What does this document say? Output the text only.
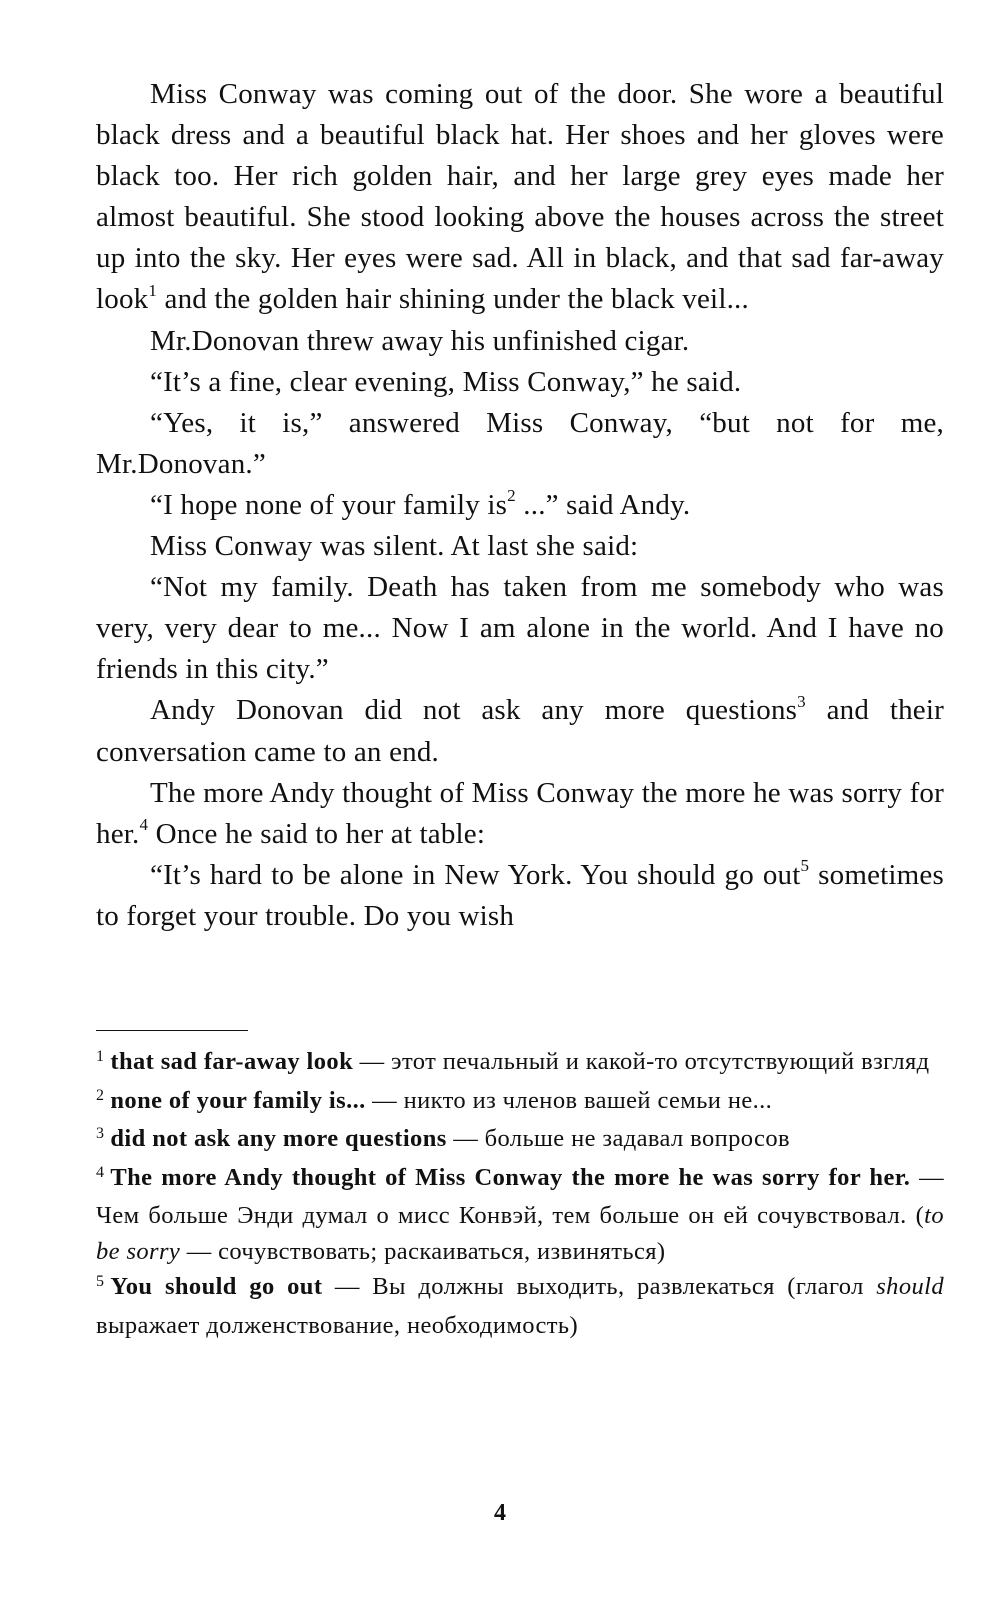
Miss Conway was coming out of the door. She wore a beautiful black dress and a beautiful black hat. Her shoes and her gloves were black too. Her rich golden hair, and her large grey eyes made her almost beautiful. She stood looking above the houses across the street up into the sky. Her eyes were sad. All in black, and that sad far-away look$^1$ and the golden hair shining under the black veil...

Mr.Donovan threw away his unfinished cigar.

“It’s a fine, clear evening, Miss Conway,” he said.

“Yes, it is,” answered Miss Conway, “but not for me, Mr.Donovan.”

“I hope none of your family $is^2$ ...” said Andy.

Miss Conway was silent. At last she said:

“Not my family. Death has taken from me somebody who was very, very dear to me... Now I am alone in the world. And I have no friends in this city.”

Andy Donovan did not ask any more questions$^3$ and their conversation came to an end.

The more Andy thought of Miss Conway the more he was sorry for her.$^4$ Once he said to her at table:

“It’s hard to be alone in New York. You should go out$^5$ sometimes to forget your trouble. Do you wish

$^1$ that sad far-away look — этот печальный и какой-то отсутствующий взгляд

$^2$ none of your family is... — никто из членов вашей семьи не...

$^3$ did not ask any more questions — больше не задавал вопросов

$^4$ The more Andy thought of Miss Conway the more he was sorry for her. — Чем больше Энди думал о мисс Конвэй, тем больше он ей сочувствовал. (to be sorry — сочувствовать; раскаиваться, извиняться)

$^5$ You should go out — Вы должны выходить, развлекаться (глагол should выражает долженствование, необходимость)

4
